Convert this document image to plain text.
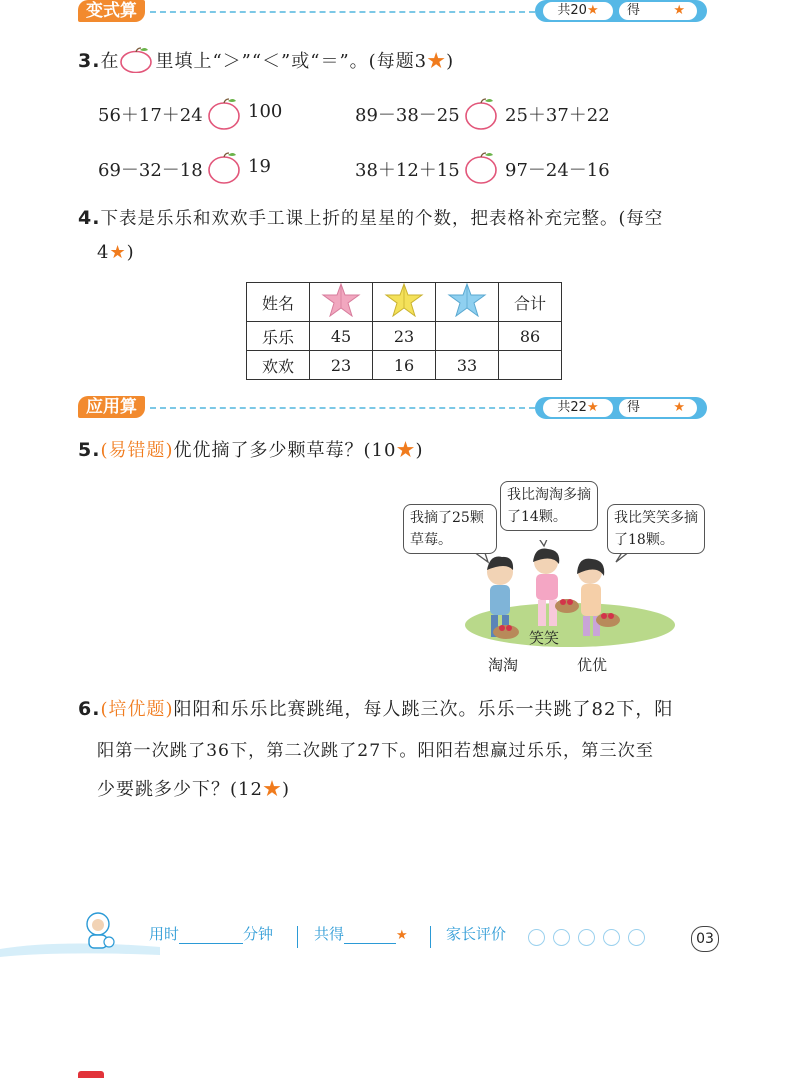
变式算	共20★	得	★
3.在 里填上“＞”“＜”或“＝”。(每题3★)
56＋17＋24	100	89－38－25	25＋37＋22
69－32－18	19	38＋12＋15	97－24－16
4.下表是乐乐和欢欢手工课上折的星星的个数，把表格补充完整。(每空
4★)
姓名				合计
乐乐	45	23		86
欢欢	23	16	33	
应用算	共22★	得	★
5.(易错题)优优摘了多少颗草莓？(10★)
我摘了25颗草莓。
我比淘淘多摘了14颗。	我比笑笑多摘了18颗。
笑笑
淘淘	优优
6.(培优题)阳阳和乐乐比赛跳绳，每人跳三次。乐乐一共跳了82下，阳
阳第一次跳了36下，第二次跳了27下。阳阳若想赢过乐乐，第三次至
少要跳多少下？(12★)
用时	分钟	共得	★	家长评价	03
